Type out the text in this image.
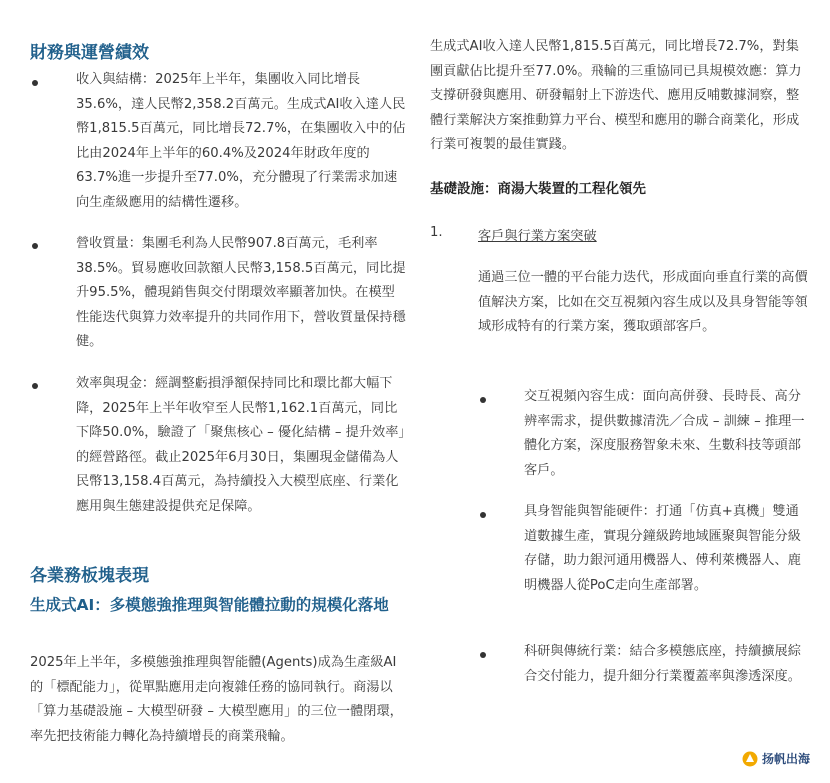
財務與運營績效
收入與結構：2025年上半年，集團收入同比增長35.6%，達人民幣2,358.2百萬元。生成式AI收入達人民幣1,815.5百萬元，同比增長72.7%，在集團收入中的佔比由2024年上半年的60.4%及2024年財政年度的63.7%進一步提升至77.0%，充分體現了行業需求加速向生產級應用的結構性遷移。
營收質量：集團毛利為人民幣907.8百萬元，毛利率38.5%。貿易應收回款額人民幣3,158.5百萬元，同比提升95.5%，體現銷售與交付閉環效率顯著加快。在模型性能迭代與算力效率提升的共同作用下，營收質量保持穩健。
效率與現金：經調整虧損淨額保持同比和環比都大幅下降，2025年上半年收窄至人民幣1,162.1百萬元，同比下降50.0%，驗證了「聚焦核心 – 優化結構 – 提升效率」的經營路徑。截止2025年6月30日，集團現金儲備為人民幣13,158.4百萬元，為持續投入大模型底座、行業化應用與生態建設提供充足保障。
各業務板塊表現
生成式AI：多模態強推理與智能體拉動的規模化落地
2025年上半年，多模態強推理與智能體(Agents)成為生產級AI的「標配能力」，從單點應用走向複雜任務的協同執行。商湯以「算力基礎設施 – 大模型研發 – 大模型應用」的三位一體閉環，率先把技術能力轉化為持續增長的商業飛輪。
生成式AI收入達人民幣1,815.5百萬元，同比增長72.7%，對集團貢獻佔比提升至77.0%。飛輪的三重協同已具規模效應：算力支撐研發與應用、研發輻射上下游迭代、應用反哺數據洞察，整體行業解決方案推動算力平台、模型和應用的聯合商業化，形成行業可複製的最佳實踐。
基礎設施：商湯大裝置的工程化領先
1.	客戶與行業方案突破
通過三位一體的平台能力迭代，形成面向垂直行業的高價值解決方案，比如在交互視頻內容生成以及具身智能等領域形成特有的行業方案，獲取頭部客戶。
交互視頻內容生成：面向高併發、長時長、高分辨率需求，提供數據清洗／合成 – 訓練 – 推理一體化方案，深度服務智象未來、生數科技等頭部客戶。
具身智能與智能硬件：打通「仿真+真機」雙通道數據生產，實現分鐘級跨地域匯聚與智能分級存儲，助力銀河通用機器人、傅利萊機器人、鹿明機器人從PoC走向生產部署。
科研與傳統行業：結合多模態底座，持續擴展綜合交付能力，提升細分行業覆蓋率與滲透深度。
扬帆出海
